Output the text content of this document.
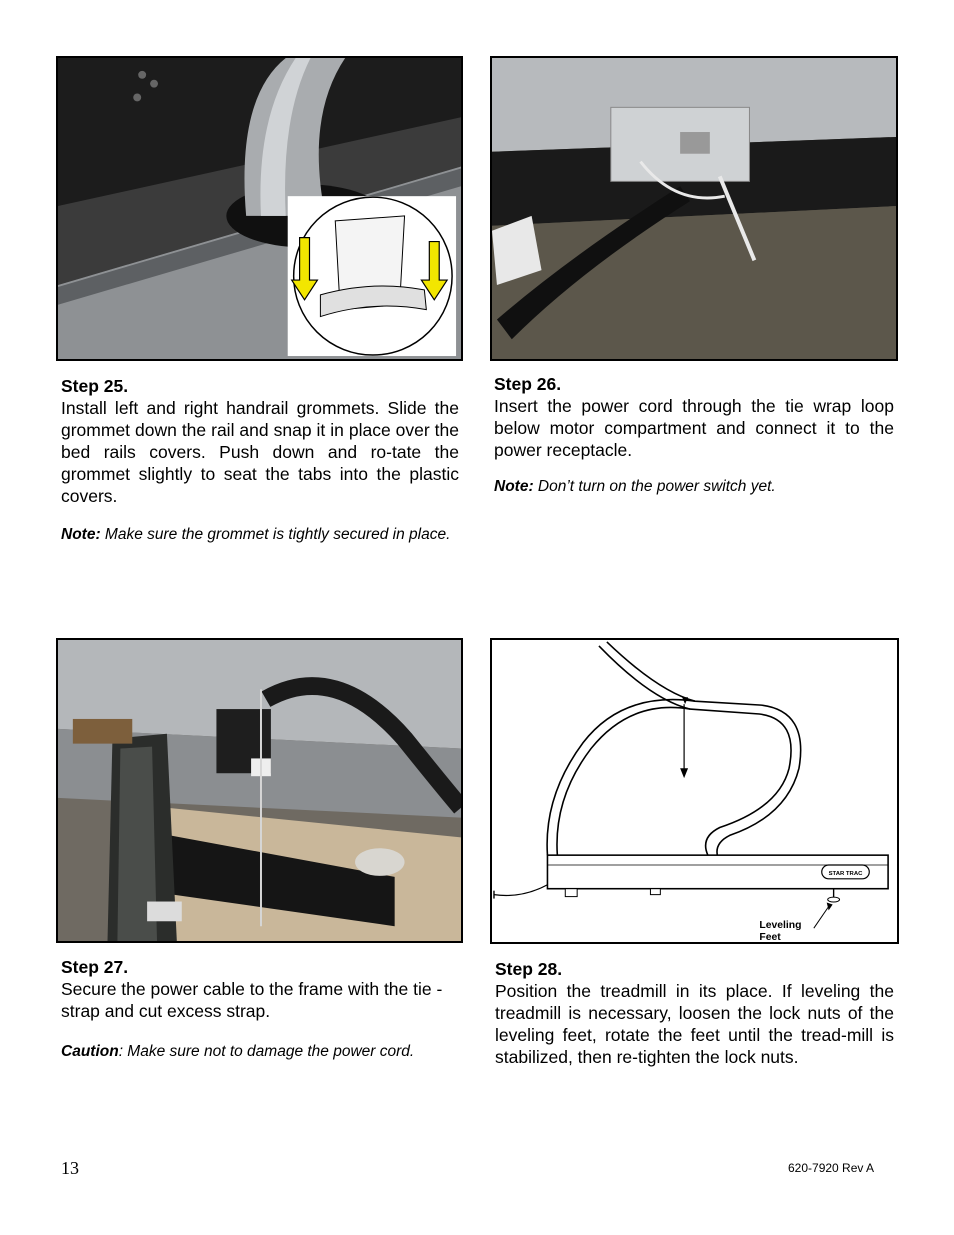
Step 25.
Install left and right handrail grommets. Slide the grommet down the rail and snap it in place over the bed rails covers. Push down and ro-tate the grommet slightly to seat the tabs into the plastic covers.
Note: Make sure the grommet is tightly secured in place.
Step 26.
Insert the power cord through the tie wrap loop below motor compartment and connect it to the power receptacle.
Note: Don’t turn on the power switch yet.
STAR TRAC
Leveling
Feet
Step 27.
Secure the power cable to the frame with the tie -strap and cut excess strap.
Caution: Make sure not to damage the power cord.
Step 28.
Position the treadmill in its place. If leveling the treadmill is necessary, loosen the lock nuts of the leveling feet, rotate the feet until the tread-mill is stabilized, then re-tighten the lock nuts.
13	620-7920 Rev A
